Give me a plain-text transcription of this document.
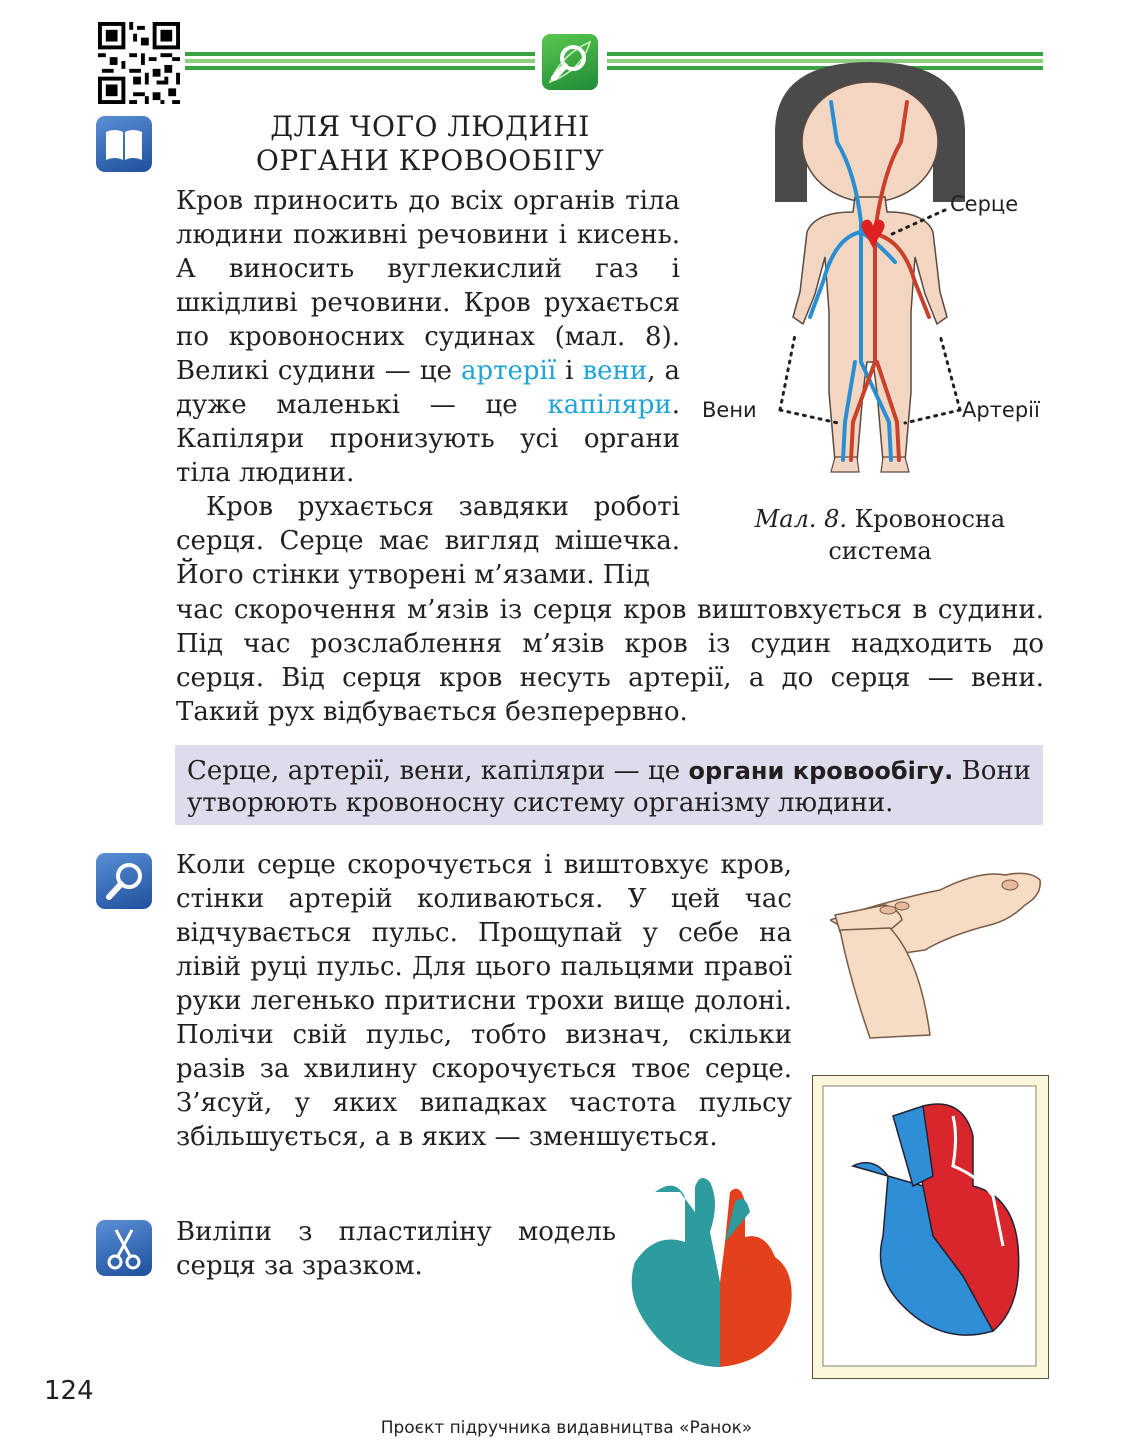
ДЛЯ ЧОГО ЛЮДИНІ
ОРГАНИ КРОВООБІГУ

Кров приносить до всіх органів тіла людини поживні речовини і кисень. А виносить вуглекислий газ і шкідливі речовини. Кров рухається по кровоносних судинах (мал. 8). Великі судини — це артерії і вени, а дуже маленькі — це капіляри. Капіляри пронизують усі органи тіла людини.

Кров рухається завдяки роботі серця. Серце має вигляд мішечка. Його стінки утворені м’язами. Під

час скорочення м’язів із серця кров виштовхується в судини. Під час розслаблення м’язів кров із судин надходить до серця. Від серця кров несуть артерії, а до серця — вени. Такий рух відбувається безперервно.
Серце
Вени	Артерії
Мал. 8. Кровоносна
система
Серце, артерії, вени, капіляри — це органи кровообігу. Вони утворюють кровоносну систему організму людини.
Коли серце скорочується і виштовхує кров, стінки артерій коливаються. У цей час відчувається пульс. Прощупай у себе на лівій руці пульс. Для цього пальцями правої руки легенько притисни трохи вище долоні. Полічи свій пульс, тобто визнач, скільки разів за хвилину скорочується твоє серце. З’ясуй, у яких випадках частота пульсу збільшується, а в яких — зменшується.
Виліпи з пластиліну модель серця за зразком.
124
Проєкт підручника видавництва «Ранок»
